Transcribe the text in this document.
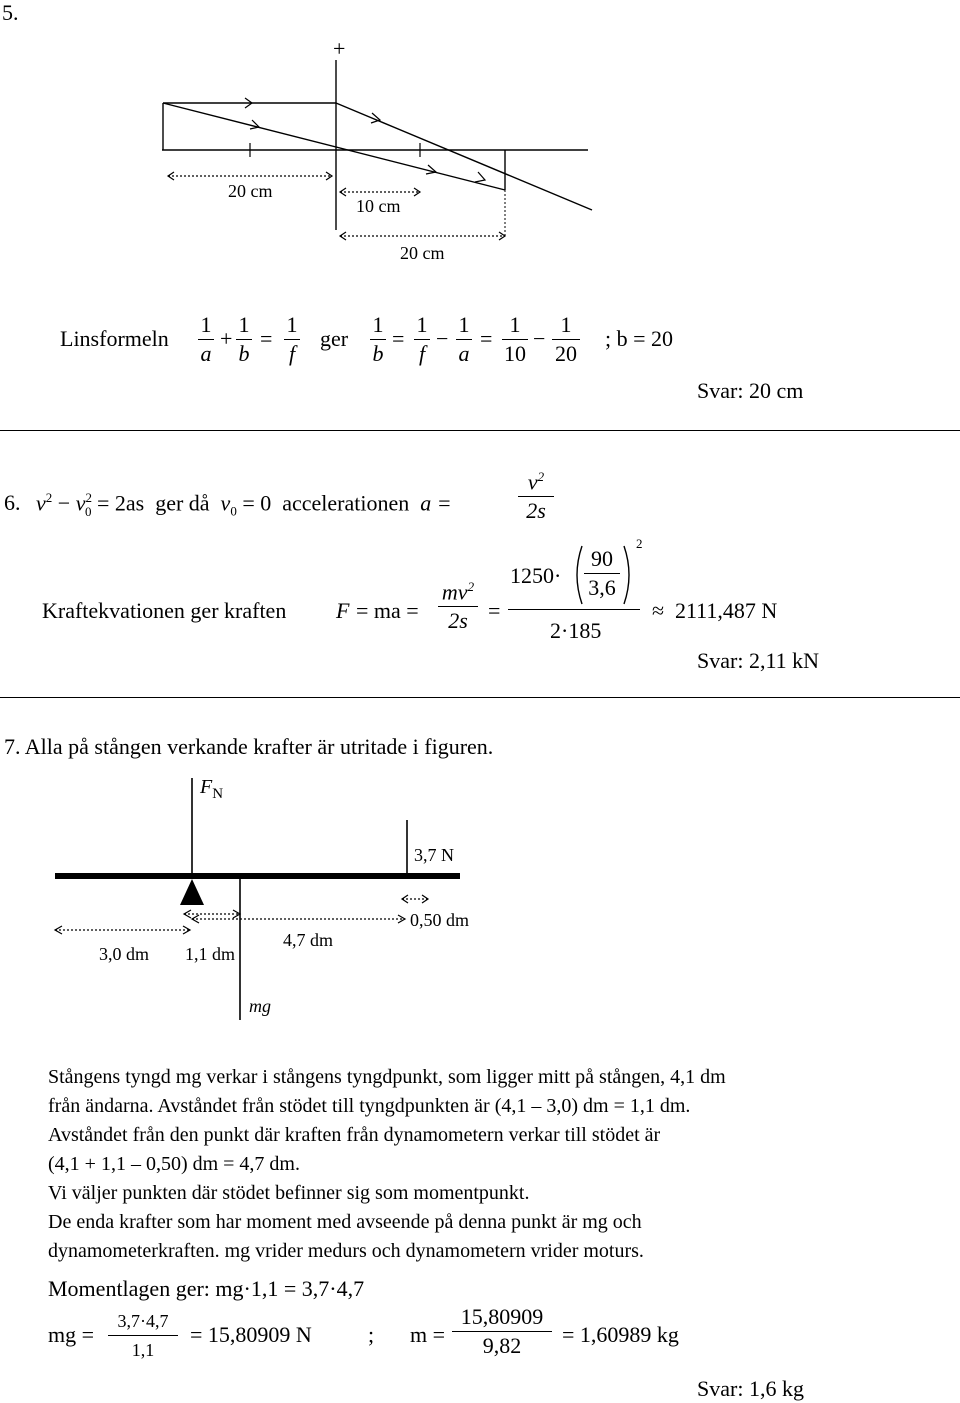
5.
+
20 cm
10 cm
20 cm
Linsformeln
1
a
+
1
b
=
1
f
ger
1
b
=
1
f
−
1
a
=
1
10
−
1
20
; b = 20
Svar: 20 cm
6. $v^2 - v^2_0 = 2as$ ger då $v_0 = 0$ accelerationen a =
$v^2$
2s
Kraftekvationen ger kraften F = ma =
$mv^2$
2s =
1250·
90
3,6
2
2·185
≈ 2111,487 N
Svar: 2,11 kN
7. Alla på stången verkande krafter är utritade i figuren.
$F_N$
3,7 N
0,50 dm
3,0 dm 1,1 dm
4,7 dm
mg

Stångens tyngd mg verkar i stångens tyngdpunkt, som ligger mitt på stången, 4,1 dm

från ändarna. Avståndet från stödet till tyngdpunkten är (4,1 – 3,0) dm = 1,1 dm.

Avståndet från den punkt där kraften från dynamometern verkar till stödet är

(4,1 + 1,1 – 0,50) dm = 4,7 dm.

Vi väljer punkten där stödet befinner sig som momentpunkt.

De enda krafter som har moment med avseende på denna punkt är mg och

dynamometerkraften. mg vrider medurs och dynamometern vrider moturs.

Momentlagen ger: mg·1,1 = 3,7·4,7
mg =
3,7·4,7
1,1
= 15,80909 N	; m =
15,80909
9,82	= 1,60989 kg
Svar: 1,6 kg
